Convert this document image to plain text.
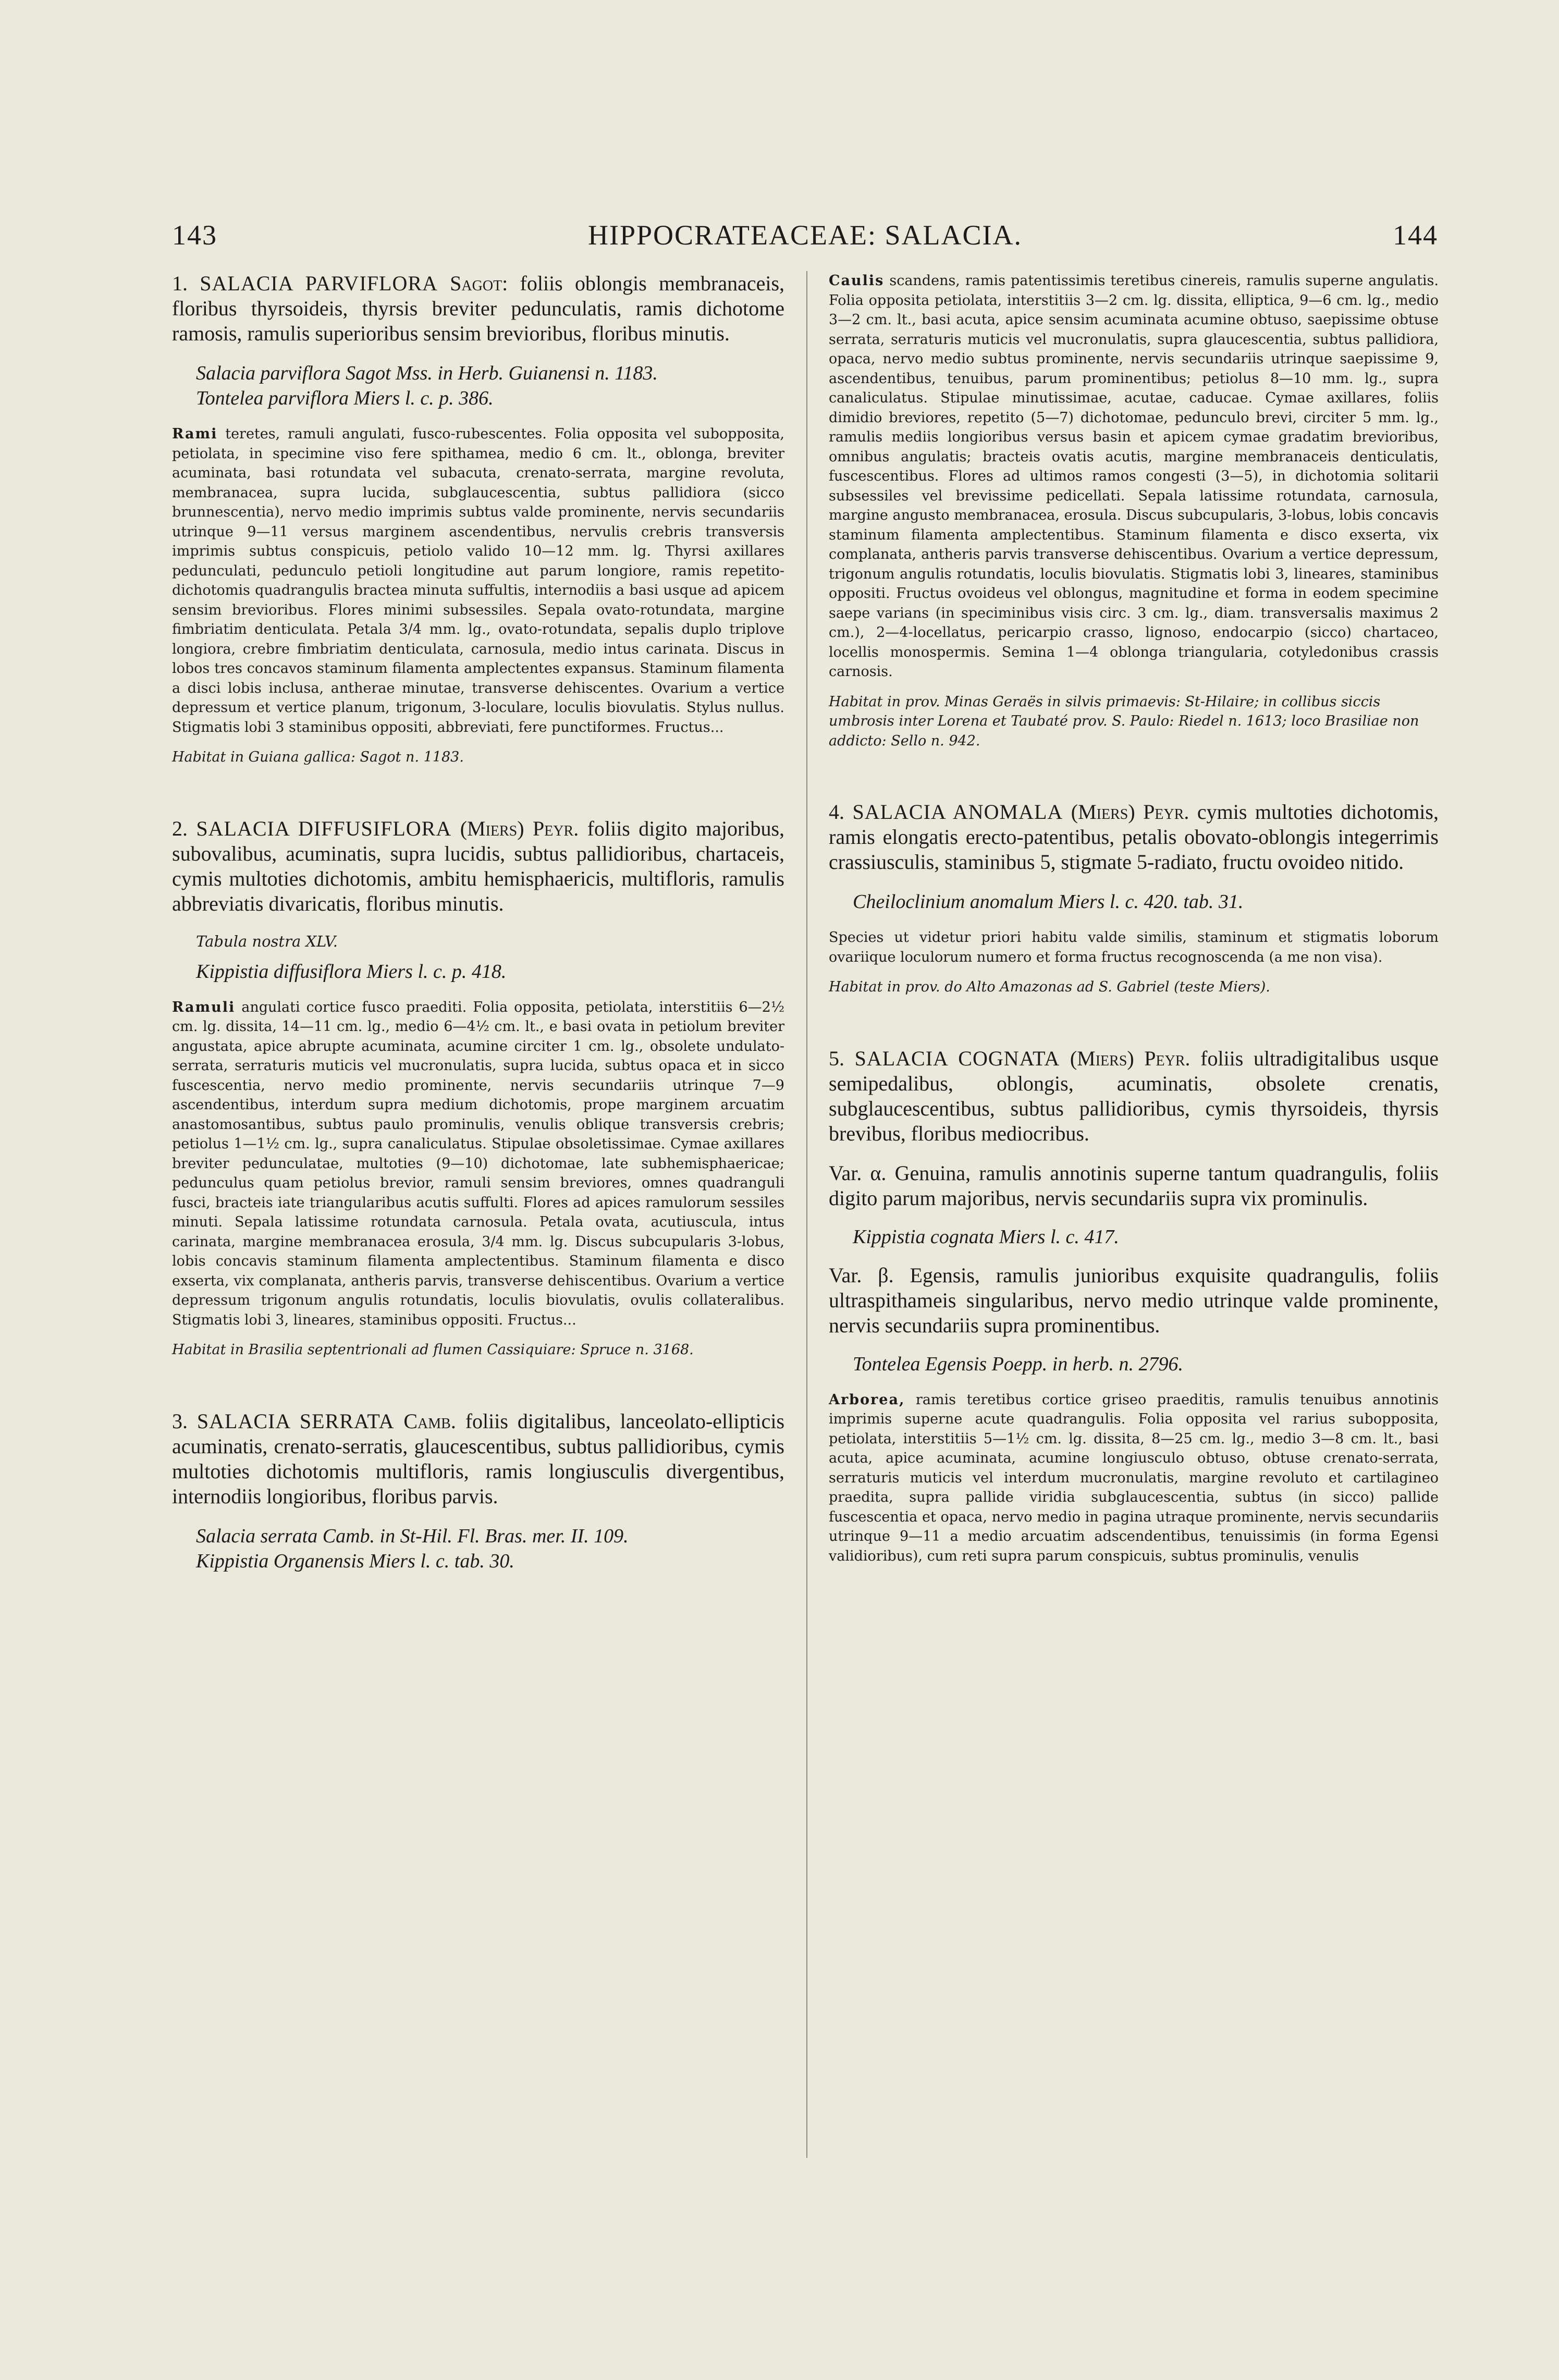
143	HIPPOCRATEACEAE: SALACIA.	144

1. SALACIA PARVIFLORA Sagot: foliis oblongis membranaceis, floribus thyrsoideis, thyrsis breviter pedunculatis, ramis dichotome ramosis, ramulis superioribus sensim brevioribus, floribus minutis.

Salacia parviflora Sagot Mss. in Herb. Guianensi n. 1183.

Tontelea parviflora Miers l. c. p. 386.

Rami teretes, ramuli angulati, fusco-rubescentes. Folia opposita vel subopposita, petiolata, in specimine viso fere spithamea, medio 6 cm. lt., oblonga, breviter acuminata, basi rotundata vel subacuta, crenato-serrata, margine revoluta, membranacea, supra lucida, subglaucescentia, subtus pallidiora (sicco brunnescentia), nervo medio imprimis subtus valde prominente, nervis secundariis utrinque 9—11 versus marginem ascendentibus, nervulis crebris transversis imprimis subtus conspicuis, petiolo valido 10—12 mm. lg. Thyrsi axillares pedunculati, pedunculo petioli longitudine aut parum longiore, ramis repetito-dichotomis quadrangulis bractea minuta suffultis, internodiis a basi usque ad apicem sensim brevioribus. Flores minimi subsessiles. Sepala ovato-rotundata, margine fimbriatim denticulata. Petala 3/4 mm. lg., ovato-rotundata, sepalis duplo triplove longiora, crebre fimbriatim denticulata, carnosula, medio intus carinata. Discus in lobos tres concavos staminum filamenta amplectentes expansus. Staminum filamenta a disci lobis inclusa, antherae minutae, transverse dehiscentes. Ovarium a vertice depressum et vertice planum, trigonum, 3-loculare, loculis biovulatis. Stylus nullus. Stigmatis lobi 3 staminibus oppositi, abbreviati, fere punctiformes. Fructus...

Habitat in Guiana gallica: Sagot n. 1183.

2. SALACIA DIFFUSIFLORA (Miers) Peyr. foliis digito majoribus, subovalibus, acuminatis, supra lucidis, subtus pallidioribus, chartaceis, cymis multoties dichotomis, ambitu hemisphaericis, multifloris, ramulis abbreviatis divaricatis, floribus minutis.

Tabula nostra XLV.

Kippistia diffusiflora Miers l. c. p. 418.

Ramuli angulati cortice fusco praediti. Folia opposita, petiolata, interstitiis 6—2½ cm. lg. dissita, 14—11 cm. lg., medio 6—4½ cm. lt., e basi ovata in petiolum breviter angustata, apice abrupte acuminata, acumine circiter 1 cm. lg., obsolete undulato-serrata, serraturis muticis vel mucronulatis, supra lucida, subtus opaca et in sicco fuscescentia, nervo medio prominente, nervis secundariis utrinque 7—9 ascendentibus, interdum supra medium dichotomis, prope marginem arcuatim anastomosantibus, subtus paulo prominulis, venulis oblique transversis crebris; petiolus 1—1½ cm. lg., supra canaliculatus. Stipulae obsoletissimae. Cymae axillares breviter pedunculatae, multoties (9—10) dichotomae, late subhemisphaericae; pedunculus quam petiolus brevior, ramuli sensim breviores, omnes quadranguli fusci, bracteis iate triangularibus acutis suffulti. Flores ad apices ramulorum sessiles minuti. Sepala latissime rotundata carnosula. Petala ovata, acutiuscula, intus carinata, margine membranacea erosula, 3/4 mm. lg. Discus subcupularis 3-lobus, lobis concavis staminum filamenta amplectentibus. Staminum filamenta e disco exserta, vix complanata, antheris parvis, transverse dehiscentibus. Ovarium a vertice depressum trigonum angulis rotundatis, loculis biovulatis, ovulis collateralibus. Stigmatis lobi 3, lineares, staminibus oppositi. Fructus...

Habitat in Brasilia septentrionali ad flumen Cassiquiare: Spruce n. 3168.

3. SALACIA SERRATA Camb. foliis digitalibus, lanceolato-ellipticis acuminatis, crenato-serratis, glaucescentibus, subtus pallidioribus, cymis multoties dichotomis multifloris, ramis longiusculis divergentibus, internodiis longioribus, floribus parvis.

Salacia serrata Camb. in St-Hil. Fl. Bras. mer. II. 109.

Kippistia Organensis Miers l. c. tab. 30.

Caulis scandens, ramis patentissimis teretibus cinereis, ramulis superne angulatis. Folia opposita petiolata, interstitiis 3—2 cm. lg. dissita, elliptica, 9—6 cm. lg., medio 3—2 cm. lt., basi acuta, apice sensim acuminata acumine obtuso, saepissime obtuse serrata, serraturis muticis vel mucronulatis, supra glaucescentia, subtus pallidiora, opaca, nervo medio subtus prominente, nervis secundariis utrinque saepissime 9, ascendentibus, tenuibus, parum prominentibus; petiolus 8—10 mm. lg., supra canaliculatus. Stipulae minutissimae, acutae, caducae. Cymae axillares, foliis dimidio breviores, repetito (5—7) dichotomae, pedunculo brevi, circiter 5 mm. lg., ramulis mediis longioribus versus basin et apicem cymae gradatim brevioribus, omnibus angulatis; bracteis ovatis acutis, margine membranaceis denticulatis, fuscescentibus. Flores ad ultimos ramos congesti (3—5), in dichotomia solitarii subsessiles vel brevissime pedicellati. Sepala latissime rotundata, carnosula, margine angusto membranacea, erosula. Discus subcupularis, 3-lobus, lobis concavis staminum filamenta amplectentibus. Staminum filamenta e disco exserta, vix complanata, antheris parvis transverse dehiscentibus. Ovarium a vertice depressum, trigonum angulis rotundatis, loculis biovulatis. Stigmatis lobi 3, lineares, staminibus oppositi. Fructus ovoideus vel oblongus, magnitudine et forma in eodem specimine saepe varians (in speciminibus visis circ. 3 cm. lg., diam. transversalis maximus 2 cm.), 2—4-locellatus, pericarpio crasso, lignoso, endocarpio (sicco) chartaceo, locellis monospermis. Semina 1—4 oblonga triangularia, cotyledonibus crassis carnosis.

Habitat in prov. Minas Geraës in silvis primaevis: St-Hilaire; in collibus siccis umbrosis inter Lorena et Taubaté prov. S. Paulo: Riedel n. 1613; loco Brasiliae non addicto: Sello n. 942.

4. SALACIA ANOMALA (Miers) Peyr. cymis multoties dichotomis, ramis elongatis erecto-patentibus, petalis obovato-oblongis integerrimis crassiusculis, staminibus 5, stigmate 5-radiato, fructu ovoideo nitido.

Cheiloclinium anomalum Miers l. c. 420. tab. 31.

Species ut videtur priori habitu valde similis, staminum et stigmatis loborum ovariique loculorum numero et forma fructus recognoscenda (a me non visa).

Habitat in prov. do Alto Amazonas ad S. Gabriel (teste Miers).

5. SALACIA COGNATA (Miers) Peyr. foliis ultradigitalibus usque semipedalibus, oblongis, acuminatis, obsolete crenatis, subglaucescentibus, subtus pallidioribus, cymis thyrsoideis, thyrsis brevibus, floribus mediocribus.

Var. α. Genuina, ramulis annotinis superne tantum quadrangulis, foliis digito parum majoribus, nervis secundariis supra vix prominulis.

Kippistia cognata Miers l. c. 417.

Var. β. Egensis, ramulis junioribus exquisite quadrangulis, foliis ultraspithameis singularibus, nervo medio utrinque valde prominente, nervis secundariis supra prominentibus.

Tontelea Egensis Poepp. in herb. n. 2796.

Arborea, ramis teretibus cortice griseo praeditis, ramulis tenuibus annotinis imprimis superne acute quadrangulis. Folia opposita vel rarius subopposita, petiolata, interstitiis 5—1½ cm. lg. dissita, 8—25 cm. lg., medio 3—8 cm. lt., basi acuta, apice acuminata, acumine longiusculo obtuso, obtuse crenato-serrata, serraturis muticis vel interdum mucronulatis, margine revoluto et cartilagineo praedita, supra pallide viridia subglaucescentia, subtus (in sicco) pallide fuscescentia et opaca, nervo medio in pagina utraque prominente, nervis secundariis utrinque 9—11 a medio arcuatim adscendentibus, tenuissimis (in forma Egensi validioribus), cum reti supra parum conspicuis, subtus prominulis, venulis
